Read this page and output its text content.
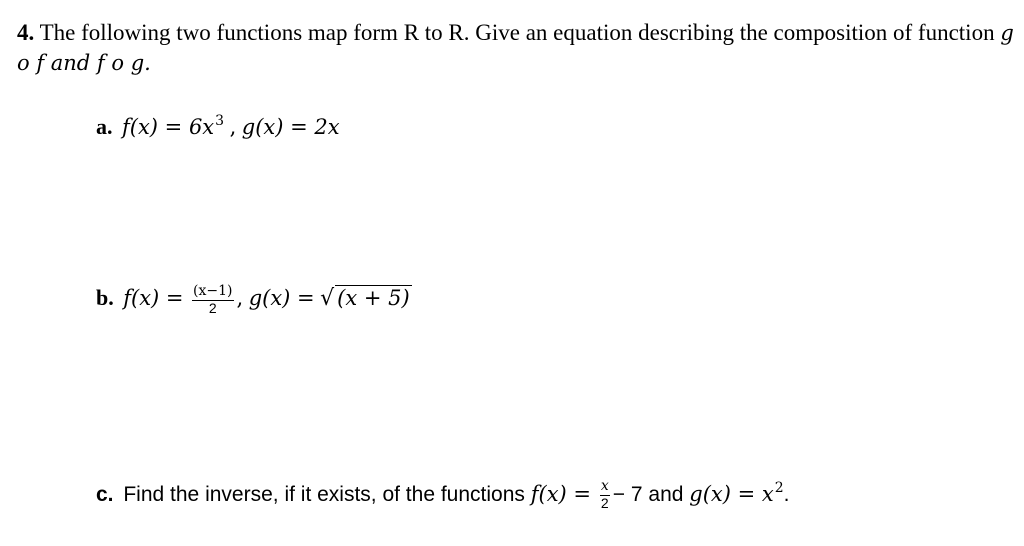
4. The following two functions map form R to R. Give an equation describing the composition of function g o f and f o g.
a. $f(x) = 6x^3$ , g(x) = 2x
b. $f(x) = \frac{(x-1)}{2}$ , g(x) = √ (x + 5)
c. Find the inverse, if it exists, of the functions $f(x) = \frac{x}{2} - 7$ and $g(x) = x^2$.
